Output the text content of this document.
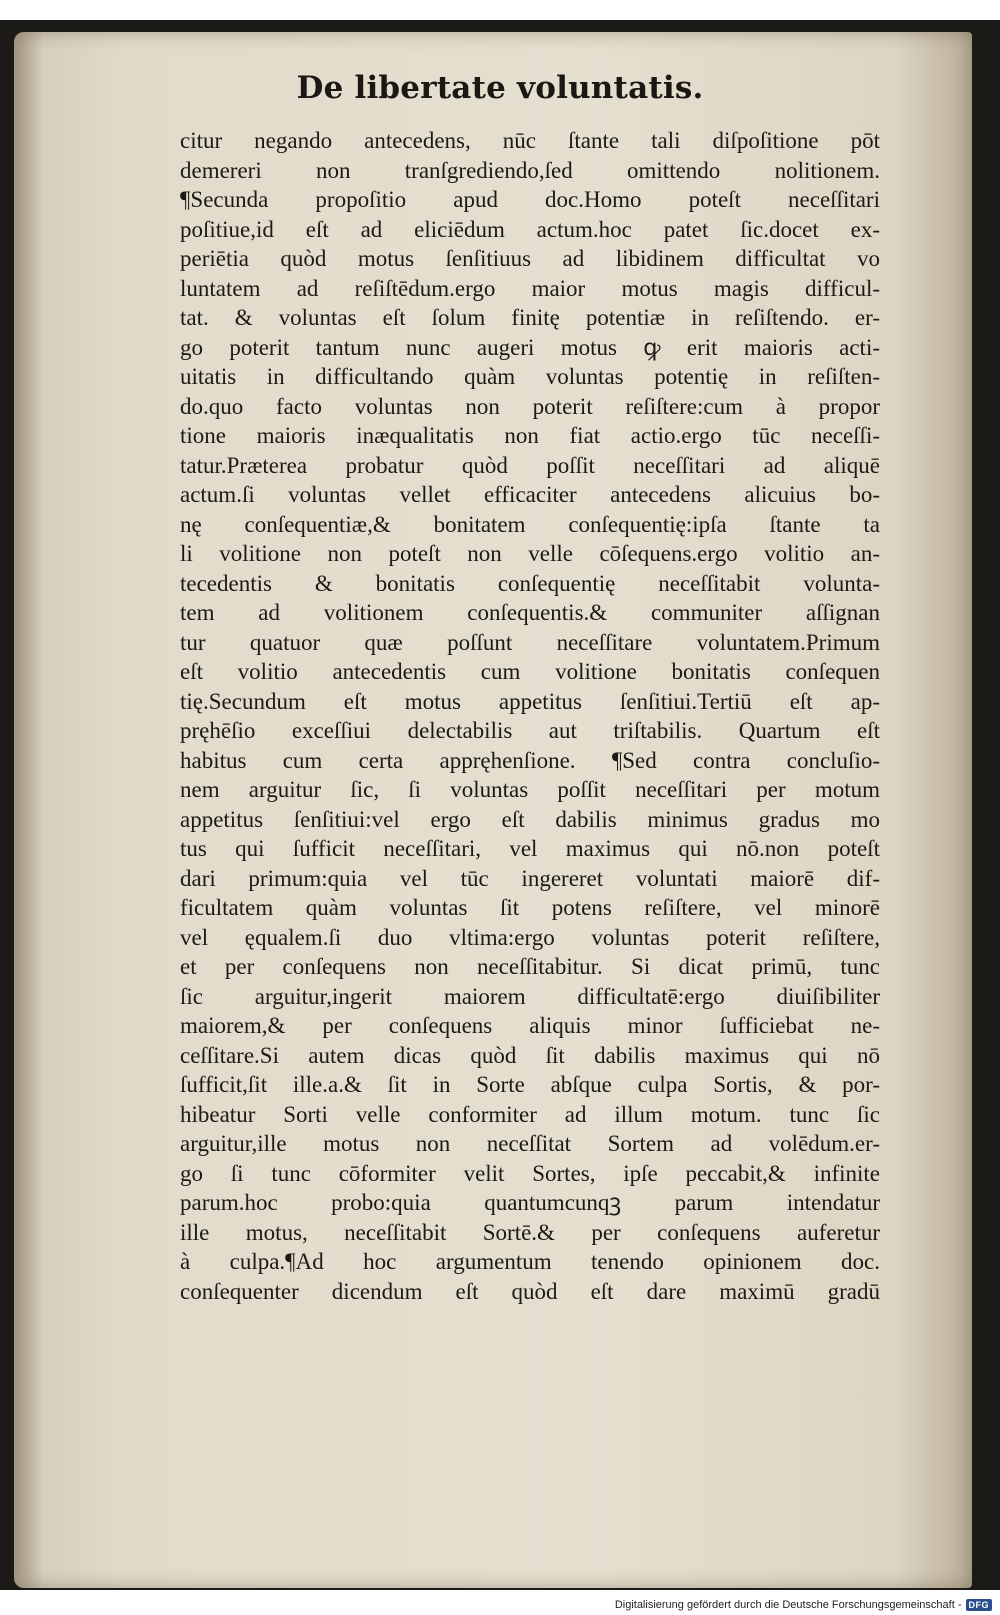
De libertate voluntatis.
citur negando antecedens, nūc ſtante tali diſpoſitione pōt
demereri non tranſgrediendo,ſed omittendo nolitionem.
¶Secunda propoſitio apud doc.Homo poteſt neceſſitari
poſitiue,id eſt ad eliciēdum actum.hoc patet ſic.docet ex-
periētia quòd motus ſenſitiuus ad libidinem difficultat vo
luntatem ad reſiſtēdum.ergo maior motus magis difficul-
tat. & voluntas eſt ſolum finitę potentiæ in reſiſtendo. er-
go poterit tantum nunc augeri motus ꝙ erit maioris acti-
uitatis in difficultando quàm voluntas potentię in reſiſten-
do.quo facto voluntas non poterit reſiſtere:cum à propor
tione maioris inæqualitatis non fiat actio.ergo tūc neceſſi-
tatur.Præterea probatur quòd poſſit neceſſitari ad aliquē
actum.ſi voluntas vellet efficaciter antecedens alicuius bo-
nę conſequentiæ,& bonitatem conſequentię:ipſa ſtante ta
li volitione non poteſt non velle cōſequens.ergo volitio an-
tecedentis & bonitatis conſequentię neceſſitabit volunta-
tem ad volitionem conſequentis.& communiter aſſignan
tur quatuor quæ poſſunt neceſſitare voluntatem.Primum
eſt volitio antecedentis cum volitione bonitatis conſequen
tię.Secundum eſt motus appetitus ſenſitiui.Tertiū eſt ap-
pręhēſio exceſſiui delectabilis aut triſtabilis. Quartum eſt
habitus cum certa appręhenſione. ¶Sed contra concluſio-
nem arguitur ſic, ſi voluntas poſſit neceſſitari per motum
appetitus ſenſitiui:vel ergo eſt dabilis minimus gradus mo
tus qui ſufficit neceſſitari, vel maximus qui nō.non poteſt
dari primum:quia vel tūc ingereret voluntati maiorē dif-
ficultatem quàm voluntas ſit potens reſiſtere, vel minorē
vel ęqualem.ſi duo vltima:ergo voluntas poterit reſiſtere,
et per conſequens non neceſſitabitur. Si dicat primū, tunc
ſic arguitur,ingerit maiorem difficultatē:ergo diuiſibiliter
maiorem,& per conſequens aliquis minor ſufficiebat ne-
ceſſitare.Si autem dicas quòd ſit dabilis maximus qui nō
ſufficit,ſit ille.a.& ſit in Sorte abſque culpa Sortis, & por-
hibeatur Sorti velle conformiter ad illum motum. tunc ſic
arguitur,ille motus non neceſſitat Sortem ad volēdum.er-
go ſi tunc cōformiter velit Sortes, ipſe peccabit,& infinite
parum.hoc probo:quia quantumcunqꝫ parum intendatur
ille motus, neceſſitabit Sortē.& per conſequens auferetur
à culpa.¶Ad hoc argumentum tenendo opinionem doc.
conſequenter dicendum eſt quòd eſt dare maximū gradū
Digitalisierung gefördert durch die Deutsche Forschungsgemeinschaft - DFG
